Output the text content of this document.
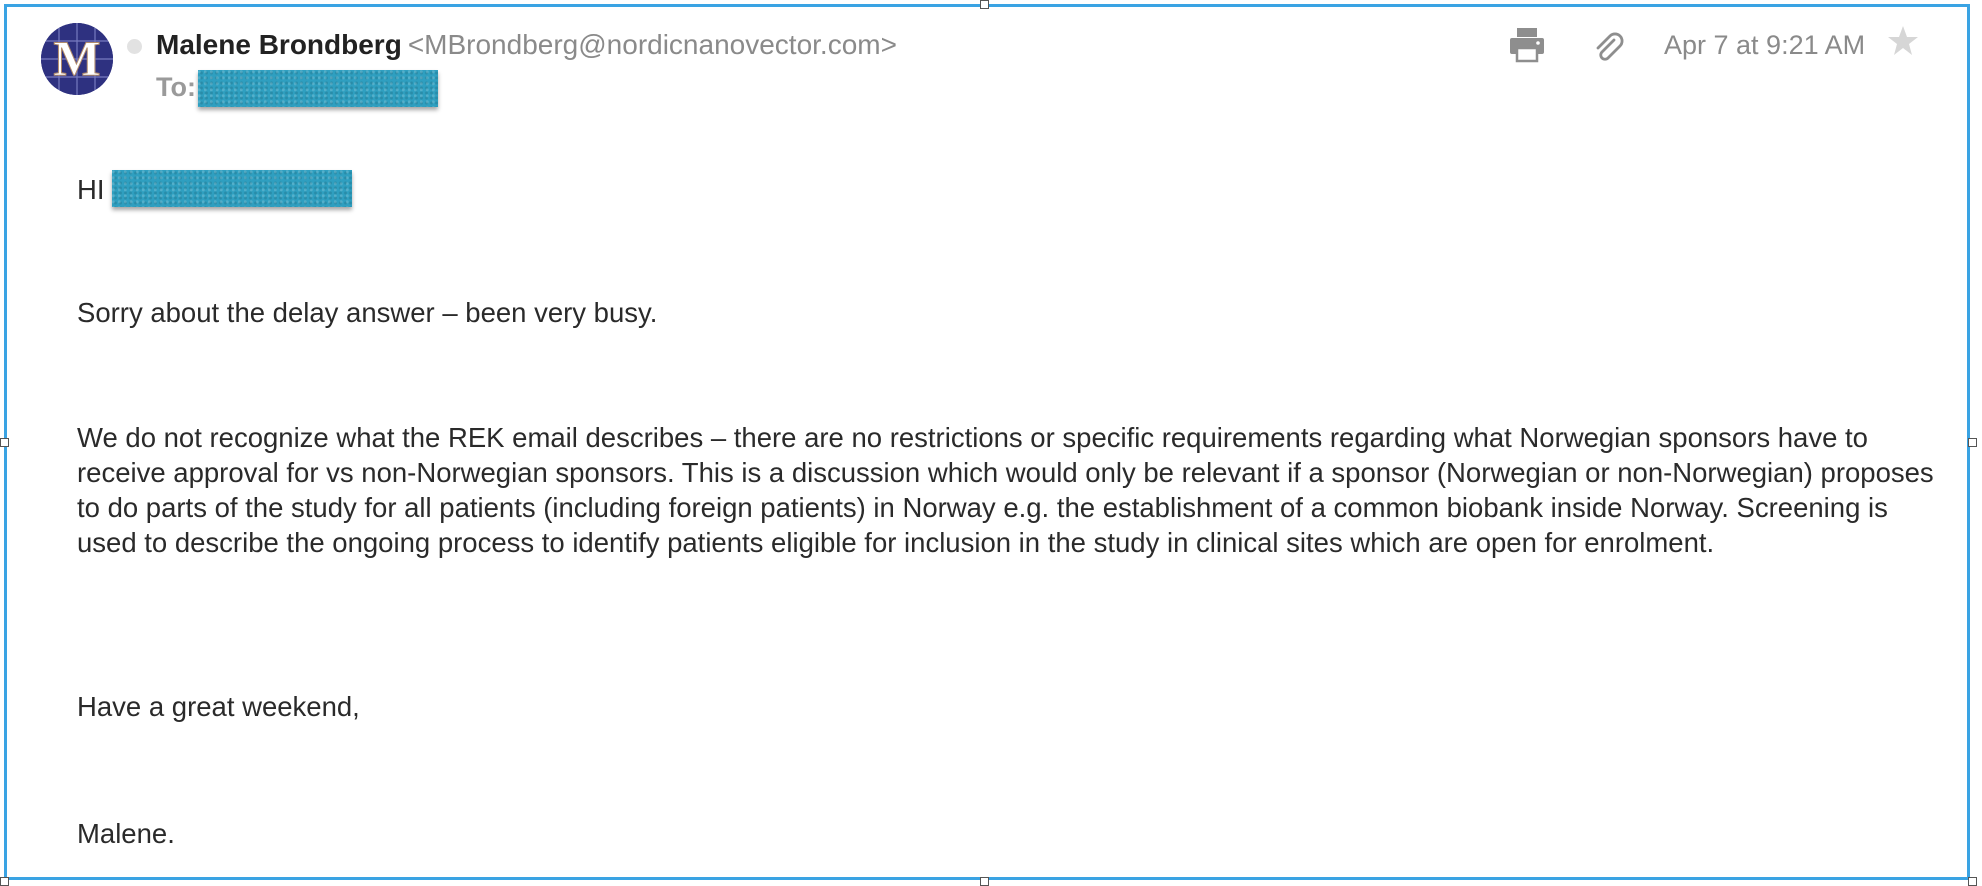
M Malene Brondberg <MBrondberg@nordicnanovector.com>
To:
Apr 7 at 9:21 AM
HI
Sorry about the delay answer – been very busy.
We do not recognize what the REK email describes – there are no restrictions or specific requirements regarding what Norwegian sponsors have to receive approval for vs non-Norwegian sponsors. This is a discussion which would only be relevant if a sponsor (Norwegian or non-Norwegian) proposes to do parts of the study for all patients (including foreign patients) in Norway e.g. the establishment of a common biobank inside Norway. Screening is used to describe the ongoing process to identify patients eligible for inclusion in the study in clinical sites which are open for enrolment.
Have a great weekend,
Malene.
